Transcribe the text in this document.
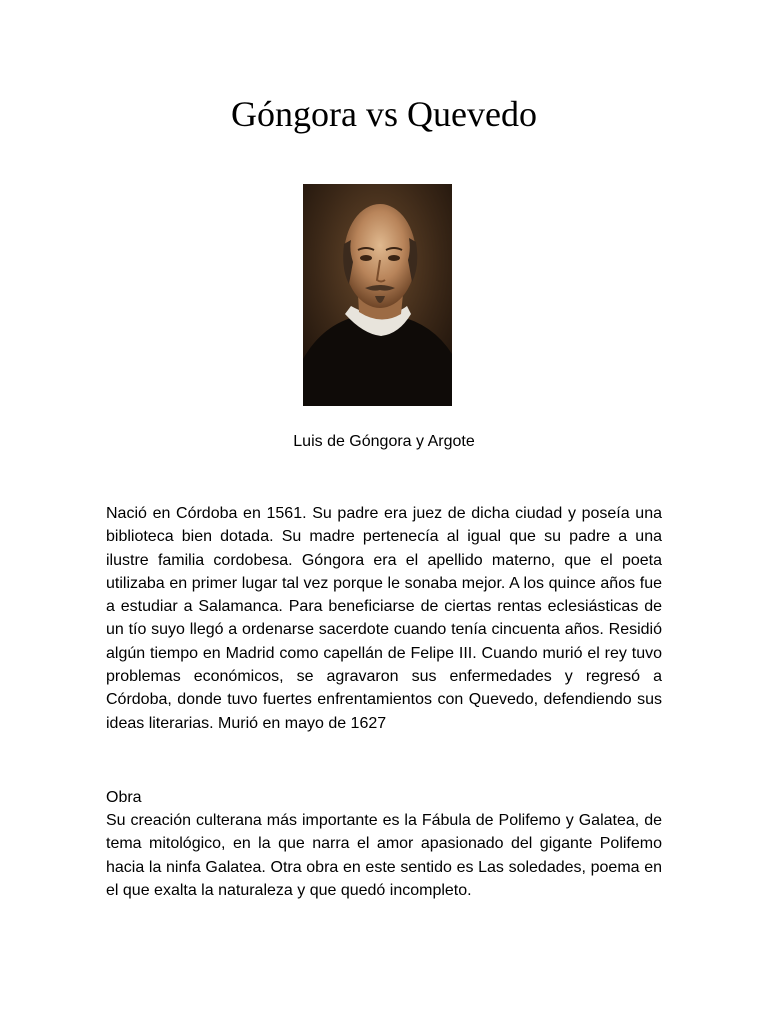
Góngora vs Quevedo
Luis de Góngora y Argote

Nació en Córdoba en 1561. Su padre era juez de dicha ciudad y poseía una biblioteca bien dotada. Su madre pertenecía al igual que su padre a una ilustre familia cordobesa. Góngora era el apellido materno, que el poeta utilizaba en primer lugar tal vez porque le sonaba mejor. A los quince años fue a estudiar a Salamanca. Para beneficiarse de ciertas rentas eclesiásticas de un tío suyo llegó a ordenarse sacerdote cuando tenía cincuenta años. Residió algún tiempo en Madrid como capellán de Felipe III. Cuando murió el rey tuvo problemas económicos, se agravaron sus enfermedades y regresó a Córdoba, donde tuvo fuertes enfrentamientos con Quevedo, defendiendo sus ideas literarias. Murió en mayo de 1627

Obra

Su creación culterana más importante es la Fábula de Polifemo y Galatea, de tema mitológico, en la que narra el amor apasionado del gigante Polifemo hacia la ninfa Galatea. Otra obra en este sentido es Las soledades, poema en el que exalta la naturaleza y que quedó incompleto.
